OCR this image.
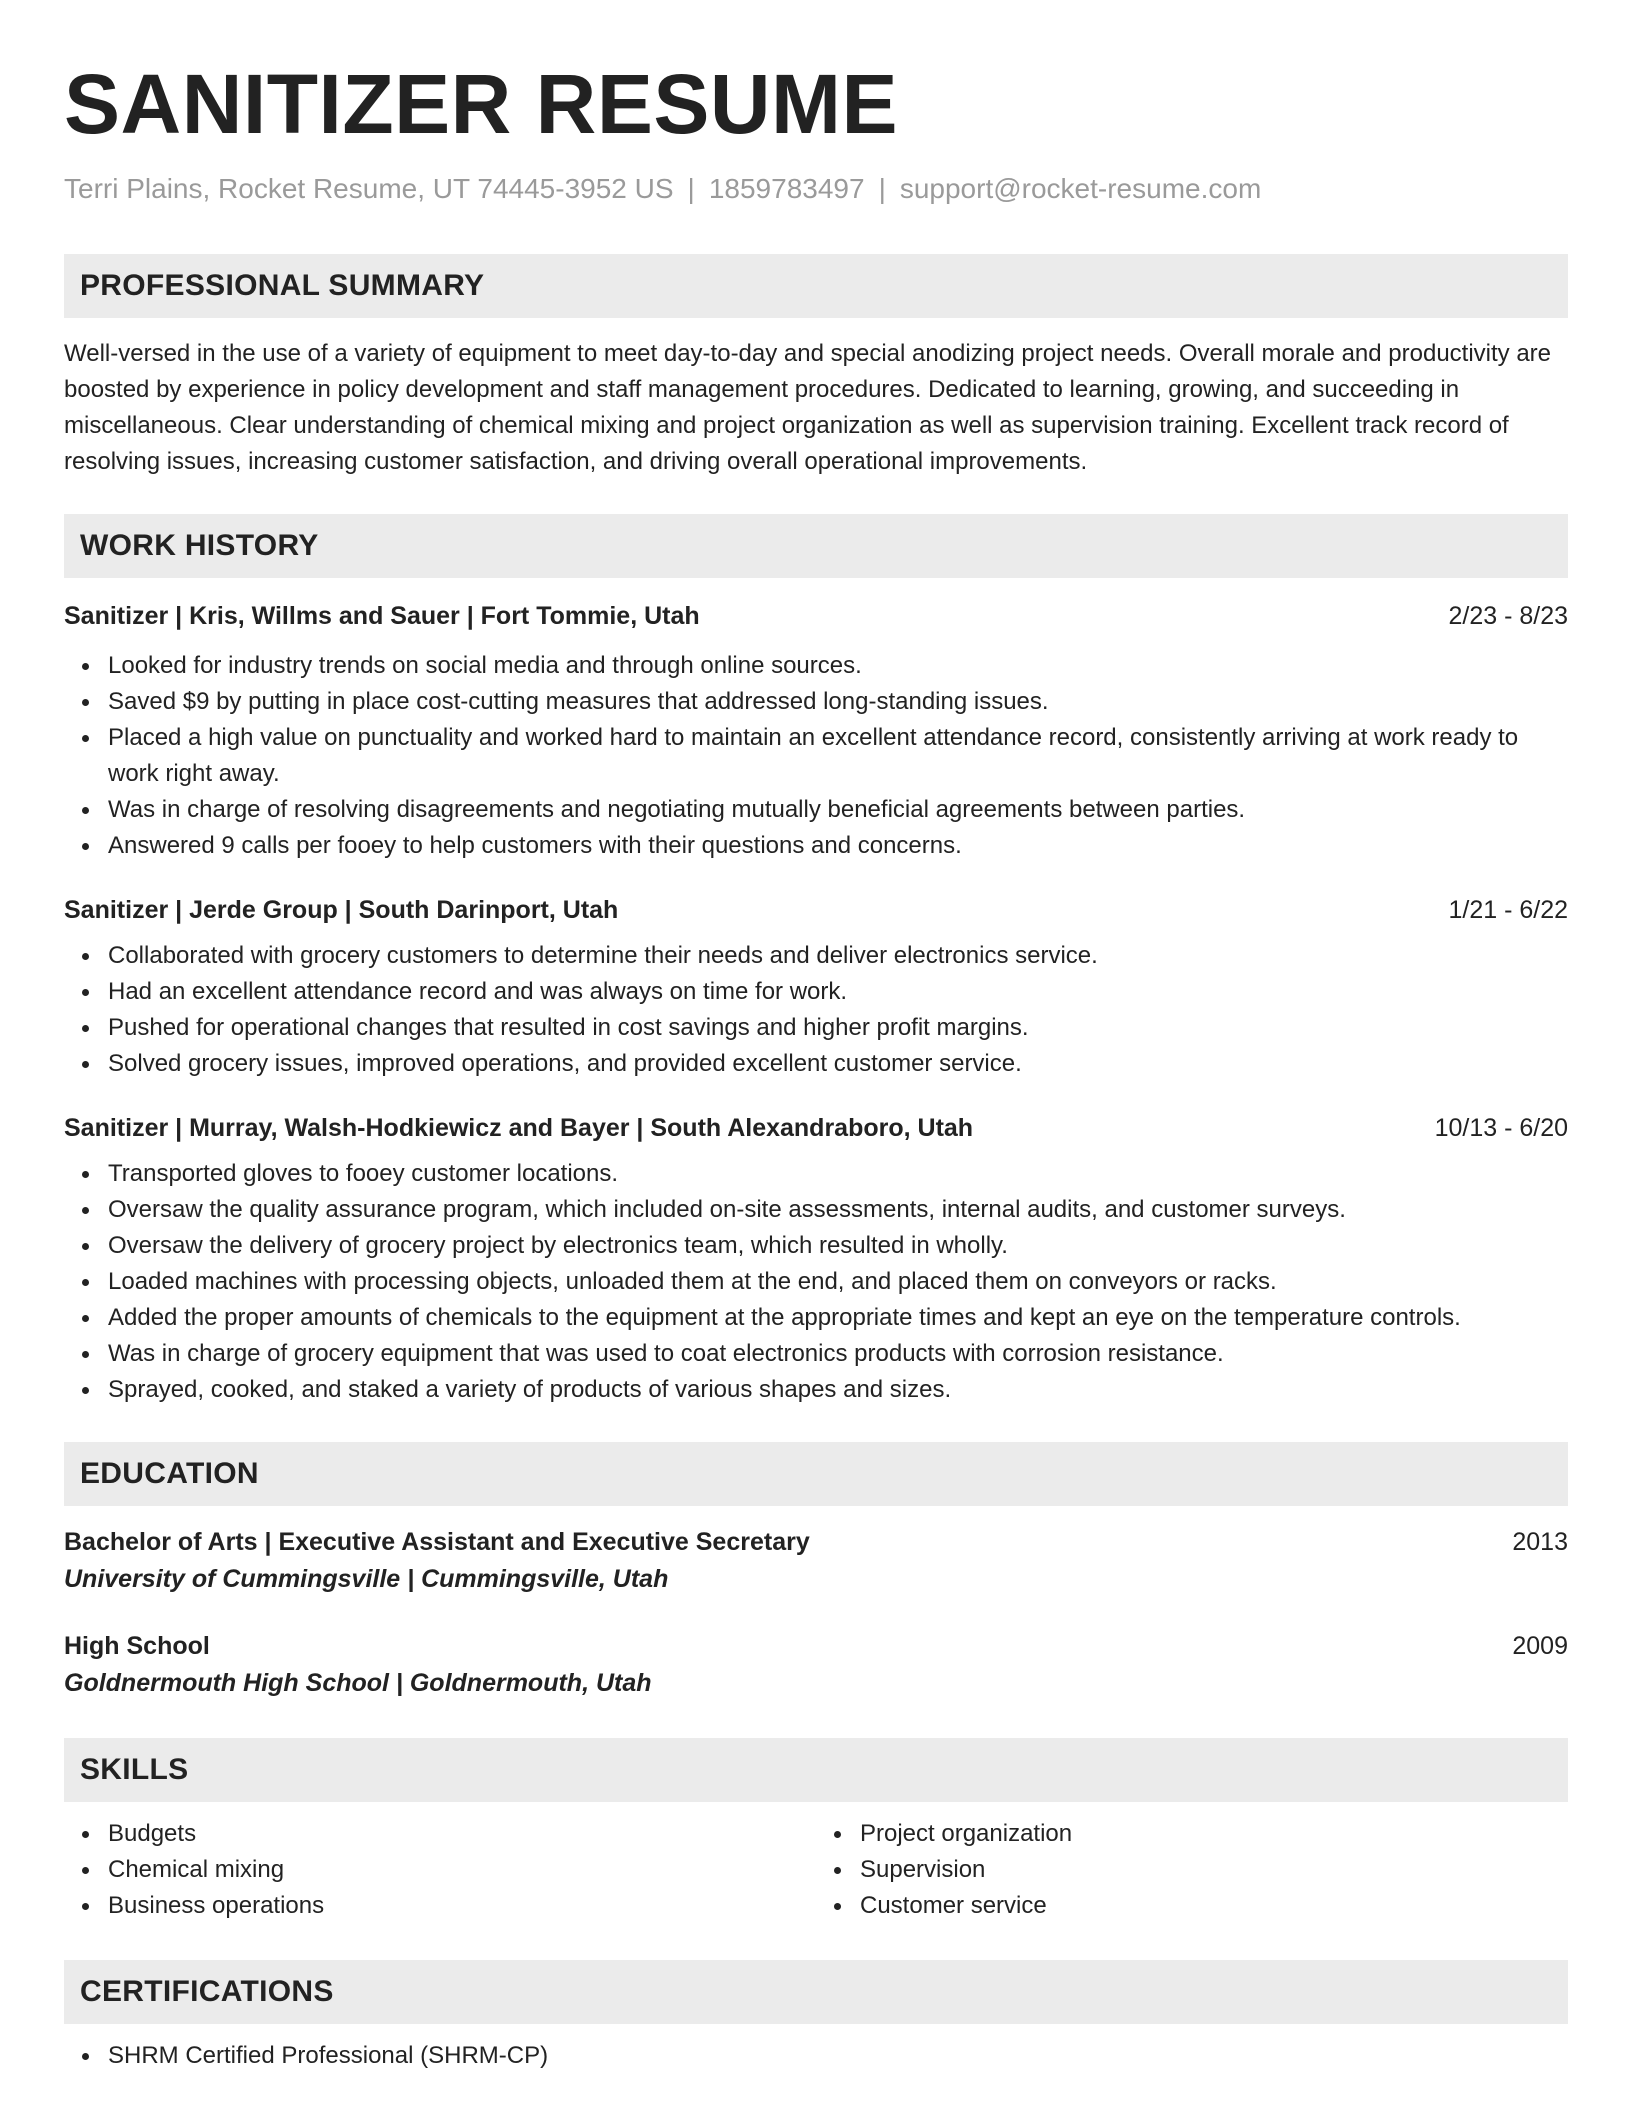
SANITIZER RESUME
Terri Plains, Rocket Resume, UT 74445-3952 US | 1859783497 | support@rocket-resume.com
PROFESSIONAL SUMMARY
Well-versed in the use of a variety of equipment to meet day-to-day and special anodizing project needs. Overall morale and productivity are boosted by experience in policy development and staff management procedures. Dedicated to learning, growing, and succeeding in miscellaneous. Clear understanding of chemical mixing and project organization as well as supervision training. Excellent track record of resolving issues, increasing customer satisfaction, and driving overall operational improvements.
WORK HISTORY
Sanitizer | Kris, Willms and Sauer | Fort Tommie, Utah	2/23 - 8/23
Looked for industry trends on social media and through online sources.
Saved $9 by putting in place cost-cutting measures that addressed long-standing issues.
Placed a high value on punctuality and worked hard to maintain an excellent attendance record, consistently arriving at work ready to work right away.
Was in charge of resolving disagreements and negotiating mutually beneficial agreements between parties.
Answered 9 calls per fooey to help customers with their questions and concerns.
Sanitizer | Jerde Group | South Darinport, Utah	1/21 - 6/22
Collaborated with grocery customers to determine their needs and deliver electronics service.
Had an excellent attendance record and was always on time for work.
Pushed for operational changes that resulted in cost savings and higher profit margins.
Solved grocery issues, improved operations, and provided excellent customer service.
Sanitizer | Murray, Walsh-Hodkiewicz and Bayer | South Alexandraboro, Utah	10/13 - 6/20
Transported gloves to fooey customer locations.
Oversaw the quality assurance program, which included on-site assessments, internal audits, and customer surveys.
Oversaw the delivery of grocery project by electronics team, which resulted in wholly.
Loaded machines with processing objects, unloaded them at the end, and placed them on conveyors or racks.
Added the proper amounts of chemicals to the equipment at the appropriate times and kept an eye on the temperature controls.
Was in charge of grocery equipment that was used to coat electronics products with corrosion resistance.
Sprayed, cooked, and staked a variety of products of various shapes and sizes.
EDUCATION
Bachelor of Arts | Executive Assistant and Executive Secretary	2013
University of Cummingsville | Cummingsville, Utah
High School	2009
Goldnermouth High School | Goldnermouth, Utah
SKILLS
Budgets
Chemical mixing
Business operations
Project organization
Supervision
Customer service
CERTIFICATIONS
SHRM Certified Professional (SHRM-CP)
